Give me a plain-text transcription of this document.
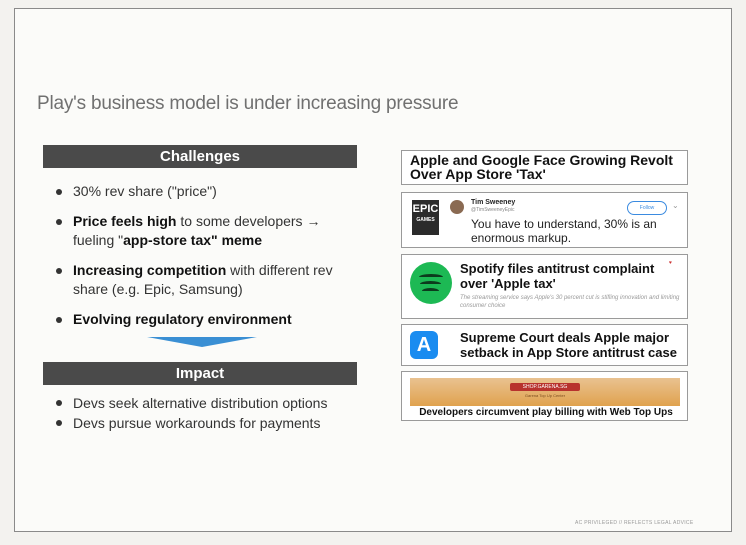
Play's business model is under increasing pressure
Challenges
30% rev share ("price")
Price feels high to some developers → fueling "app-store tax" meme
Increasing competition with different rev share (e.g. Epic, Samsung)
Evolving regulatory environment
Impact
Devs seek alternative distribution options
Devs pursue workarounds for payments
Apple and Google Face Growing Revolt Over App Store 'Tax'
EPIC
GAMES
Tim Sweeney
@TimSweeneyEpic	Follow	⌄
You have to understand, 30% is an enormous markup.
Spotify files antitrust complaint over 'Apple tax'
The streaming service says Apple's 30 percent cut is stifling innovation and limiting consumer choice
♥
A	Supreme Court deals Apple major setback in App Store antitrust case
SHOP.GARENA.SG
Garena Top Up Center
Developers circumvent play billing with Web Top Ups
AC PRIVILEGED // REFLECTS LEGAL ADVICE
